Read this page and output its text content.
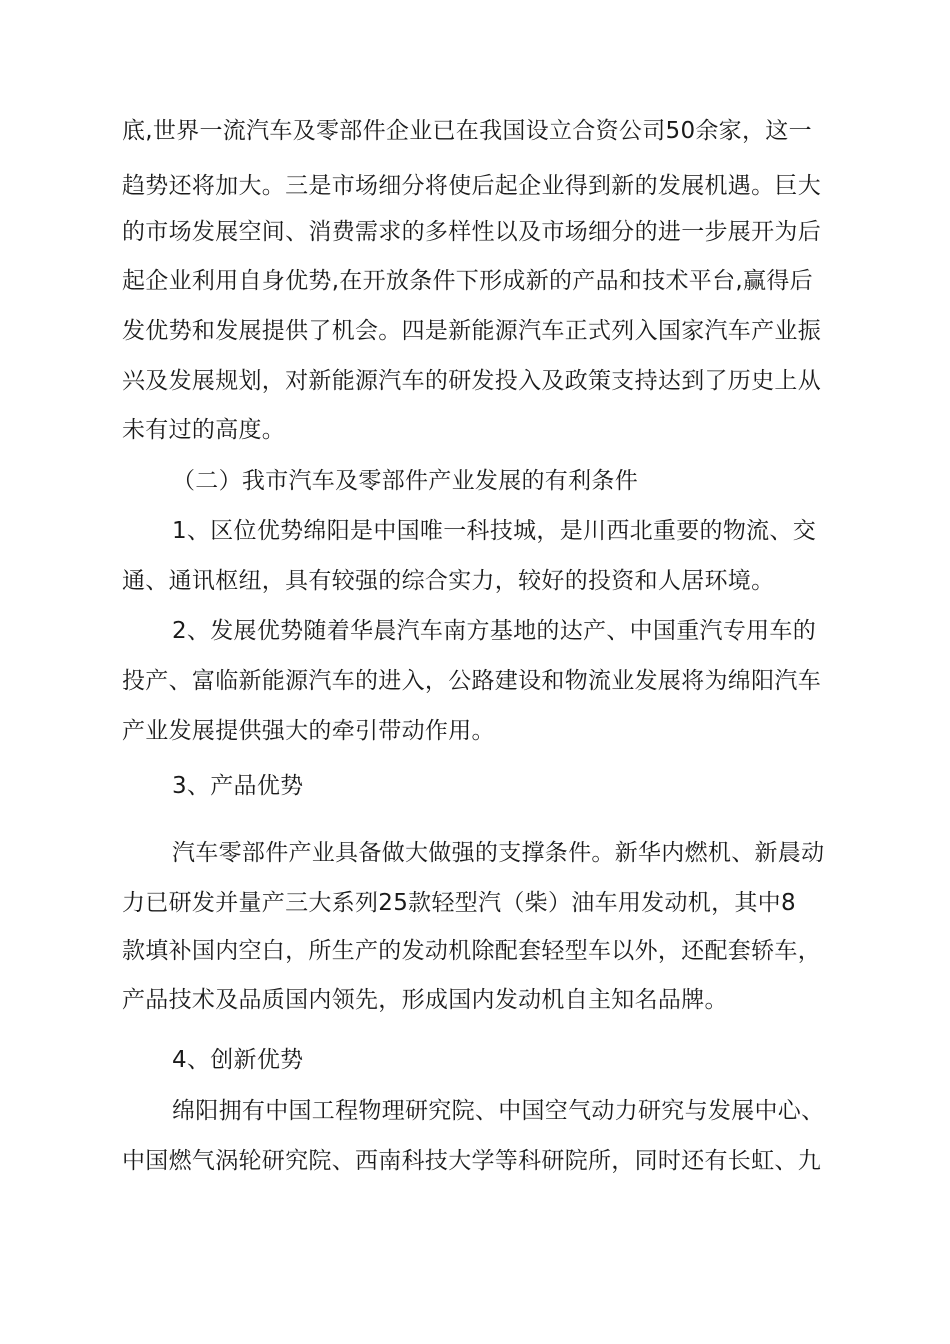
底,世界一流汽车及零部件企业已在我国设立合资公司50余家，这一
趋势还将加大。三是市场细分将使后起企业得到新的发展机遇。巨大
的市场发展空间、消费需求的多样性以及市场细分的进一步展开为后
起企业利用自身优势,在开放条件下形成新的产品和技术平台,赢得后
发优势和发展提供了机会。四是新能源汽车正式列入国家汽车产业振
兴及发展规划，对新能源汽车的研发投入及政策支持达到了历史上从
未有过的高度。
（二）我市汽车及零部件产业发展的有利条件
1、区位优势绵阳是中国唯一科技城，是川西北重要的物流、交
通、通讯枢纽，具有较强的综合实力，较好的投资和人居环境。
2、发展优势随着华晨汽车南方基地的达产、中国重汽专用车的
投产、富临新能源汽车的进入，公路建设和物流业发展将为绵阳汽车
产业发展提供强大的牵引带动作用。
3、产品优势
汽车零部件产业具备做大做强的支撑条件。新华内燃机、新晨动
力已研发并量产三大系列25款轻型汽（柴）油车用发动机，其中8
款填补国内空白，所生产的发动机除配套轻型车以外，还配套轿车，
产品技术及品质国内领先，形成国内发动机自主知名品牌。
4、创新优势
绵阳拥有中国工程物理研究院、中国空气动力研究与发展中心、
中国燃气涡轮研究院、西南科技大学等科研院所，同时还有长虹、九
